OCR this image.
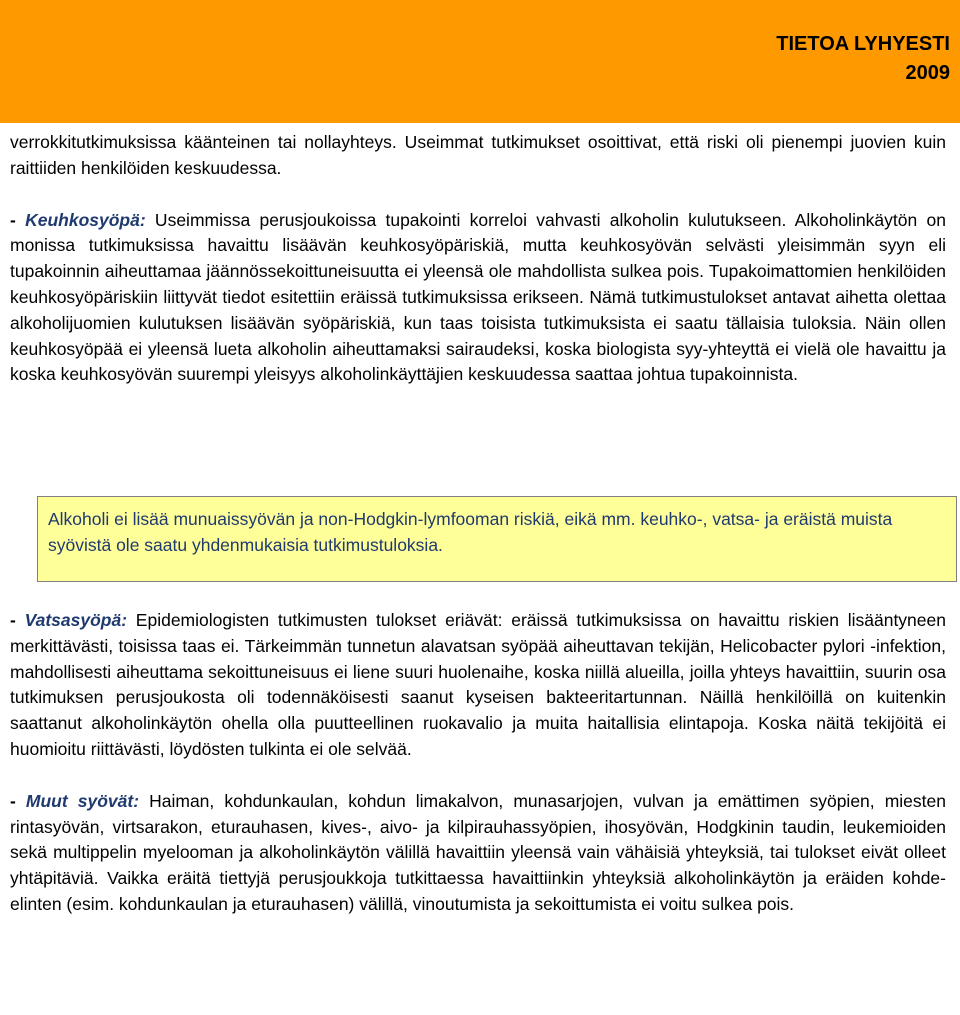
TIETOA LYHYESTI
2009

verrokkitutkimuksissa käänteinen tai nollayhteys. Useimmat tutkimukset osoittivat, että riski oli pienempi juovien kuin raittiiden henkilöiden keskuudessa.

- Keuhkosyöpä: Useimmissa perusjoukoissa tupakointi korreloi vahvasti alkoholin kulutukseen. Alkoholinkäytön on monissa tutkimuksissa havaittu lisäävän keuhkosyöpäriskiä, mutta keuhkosyövän selvästi yleisimmän syyn eli tupakoinnin aiheuttamaa jäännössekoittuneisuutta ei yleensä ole mahdollista sulkea pois. Tupakoimattomien henkilöiden keuhkosyöpäriskiin liittyvät tiedot esitettiin eräissä tutkimuksissa erikseen. Nämä tutkimustulokset antavat aihetta olettaa alkoholijuomien kulutuksen lisäävän syöpäriskiä, kun taas toisista tutkimuksista ei saatu tällaisia tuloksia. Näin ollen keuhkosyöpää ei yleensä lueta alkoholin aiheuttamaksi sairaudeksi, koska biologista syy-yhteyttä ei vielä ole havaittu ja koska keuhkosyövän suurempi yleisyys alkoholinkäyttäjien keskuudessa saattaa johtua tupakoinnista.

Alkoholi ei lisää munuaissyövän ja non-Hodgkin-lymfooman riskiä, eikä mm. keuhko-, vatsa- ja eräistä muista syövistä ole saatu yhdenmukaisia tutkimustuloksia.

- Vatsasyöpä: Epidemiologisten tutkimusten tulokset eriävät: eräissä tutkimuksissa on havaittu riskien lisääntyneen merkittävästi, toisissa taas ei. Tärkeimmän tunnetun alavatsan syöpää aiheuttavan tekijän, Helicobacter pylori -infektion, mahdollisesti aiheuttama sekoittuneisuus ei liene suuri huolenaihe, koska niillä alueilla, joilla yhteys havaittiin, suurin osa tutkimuksen perusjoukosta oli todennäköisesti saanut kyseisen bakteeritartunnan. Näillä henkilöillä on kuitenkin saattanut alkoholinkäytön ohella olla puutteellinen ruokavalio ja muita haitallisia elintapoja. Koska näitä tekijöitä ei huomioitu riittävästi, löydösten tulkinta ei ole selvää.

- Muut syövät: Haiman, kohdunkaulan, kohdun limakalvon, munasarjojen, vulvan ja emättimen syöpien, miesten rintasyövän, virtsarakon, eturauhasen, kives-, aivo- ja kilpirauhassyöpien, ihosyövän, Hodgkinin taudin, leukemioiden sekä multippelin myelooman ja alkoholinkäytön välillä havaittiin yleensä vain vähäisiä yhteyksiä, tai tulokset eivät olleet yhtäpitäviä. Vaikka eräitä tiettyjä perusjoukkoja tutkittaessa havaittiinkin yhteyksiä alkoholinkäytön ja eräiden kohde-elinten (esim. kohdunkaulan ja eturauhasen) välillä, vinoutumista ja sekoittumista ei voitu sulkea pois.
